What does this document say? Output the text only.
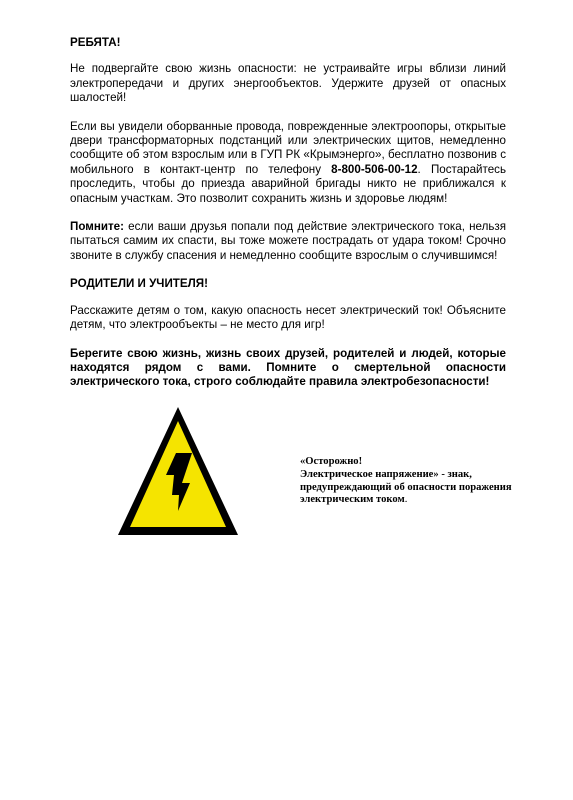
РЕБЯТА!

Не подвергайте свою жизнь опасности: не устраивайте игры вблизи линий электропередачи и других энергообъектов. Удержите друзей от опасных шалостей!

Если вы увидели оборванные провода, поврежденные электроопоры, открытые двери трансформаторных подстанций или электрических щитов, немедленно сообщите об этом взрослым или в ГУП РК «Крымэнерго», бесплатно позвонив с мобильного в контакт-центр по телефону 8-800-506-00-12. Постарайтесь проследить, чтобы до приезда аварийной бригады никто не приближался к опасным участкам. Это позволит сохранить жизнь и здоровье людям!

Помните: если ваши друзья попали под действие электрического тока, нельзя пытаться самим их спасти, вы тоже можете пострадать от удара током! Срочно звоните в службу спасения и немедленно сообщите взрослым о случившимся!

РОДИТЕЛИ И УЧИТЕЛЯ!

Расскажите детям о том, какую опасность несет электрический ток! Объясните детям, что электрообъекты – не место для игр!

Берегите свою жизнь, жизнь своих друзей, родителей и людей, которые находятся рядом с вами. Помните о смертельной опасности электрического тока, строго соблюдайте правила электробезопасности!

«Осторожно!
Электрическое напряжение» - знак, предупреждающий об опасности поражения электрическим током.
